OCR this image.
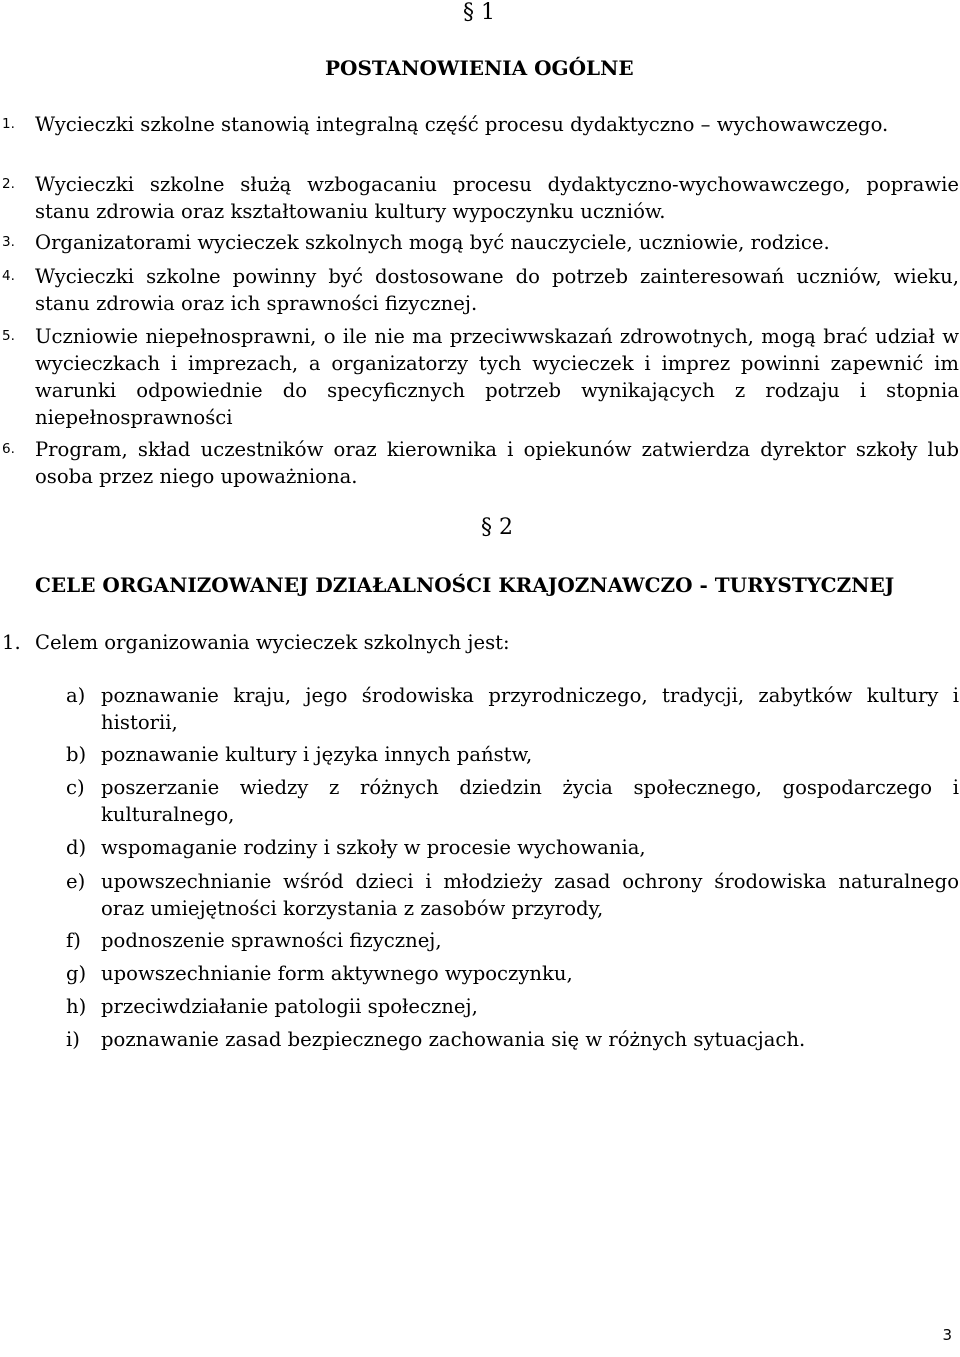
§ 1
POSTANOWIENIA OGÓLNE
1. Wycieczki szkolne stanowią integralną część procesu dydaktyczno – wychowawczego.
2. Wycieczki szkolne służą wzbogacaniu procesu dydaktyczno-wychowawczego, poprawie stanu zdrowia oraz kształtowaniu kultury wypoczynku uczniów.
3. Organizatorami wycieczek szkolnych mogą być nauczyciele, uczniowie, rodzice.
4. Wycieczki szkolne powinny być dostosowane do potrzeb zainteresowań uczniów, wieku, stanu zdrowia oraz ich sprawności fizycznej.
5. Uczniowie niepełnosprawni, o ile nie ma przeciwwskazań zdrowotnych, mogą brać udział w wycieczkach i imprezach, a organizatorzy tych wycieczek i imprez powinni zapewnić im warunki odpowiednie do specyficznych potrzeb wynikających z rodzaju i stopnia niepełnosprawności
6. Program, skład uczestników oraz kierownika i opiekunów zatwierdza dyrektor szkoły lub osoba przez niego upoważniona.
§ 2
CELE ORGANIZOWANEJ DZIAŁALNOŚCI KRAJOZNAWCZO - TURYSTYCZNEJ
1. Celem organizowania wycieczek szkolnych jest:
a) poznawanie kraju, jego środowiska przyrodniczego, tradycji, zabytków kultury i historii,
b) poznawanie kultury i języka innych państw,
c) poszerzanie wiedzy z różnych dziedzin życia społecznego, gospodarczego i kulturalnego,
d) wspomaganie rodziny i szkoły w procesie wychowania,
e) upowszechnianie wśród dzieci i młodzieży zasad ochrony środowiska naturalnego oraz umiejętności korzystania z zasobów przyrody,
f) podnoszenie sprawności fizycznej,
g) upowszechnianie form aktywnego wypoczynku,
h) przeciwdziałanie patologii społecznej,
i) poznawanie zasad bezpiecznego zachowania się w różnych sytuacjach.
3
